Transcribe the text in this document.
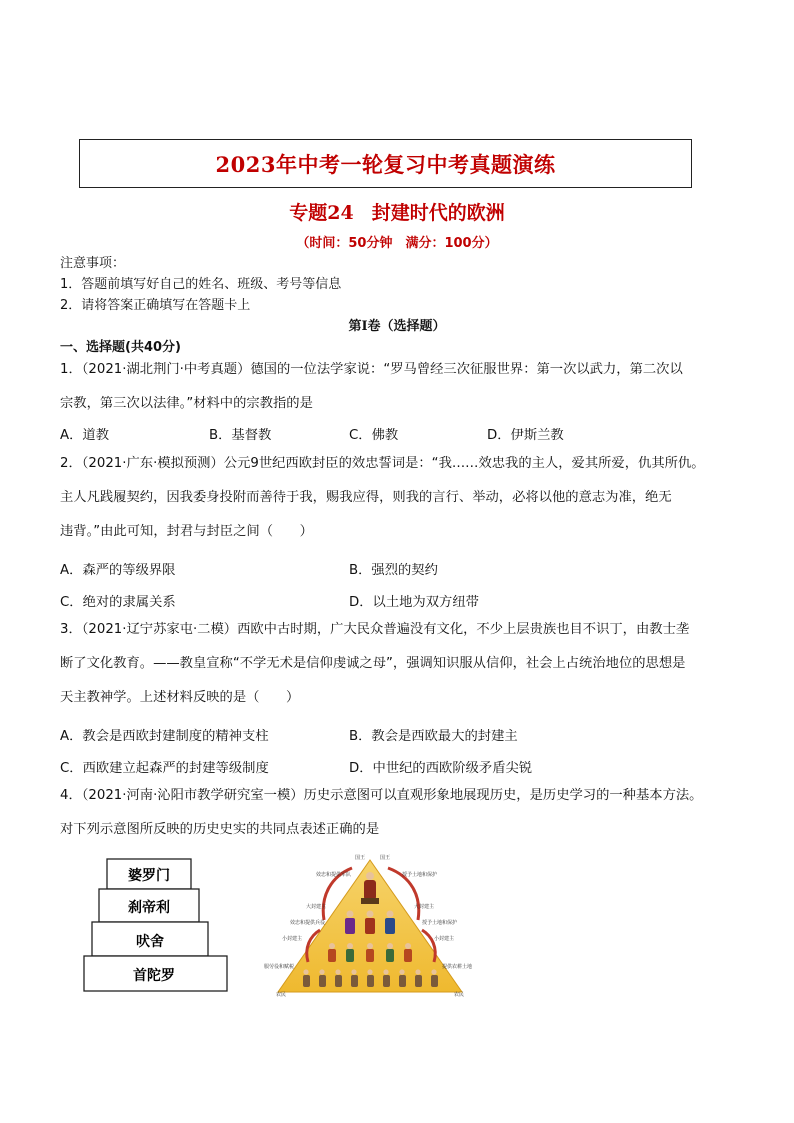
2023年中考一轮复习中考真题演练
专题24 封建时代的欧洲
（时间：50分钟　满分：100分）
注意事项：
1．答题前填写好自己的姓名、班级、考号等信息
2．请将答案正确填写在答题卡上
第I卷（选择题）
一、选择题(共40分)
1．（2021·湖北荆门·中考真题）德国的一位法学家说：“罗马曾经三次征服世界：第一次以武力，第二次以
宗教，第三次以法律。”材料中的宗教指的是
A．道教	B．基督教	C．佛教	D．伊斯兰教
2．（2021·广东·模拟预测）公元9世纪西欧封臣的效忠誓词是：“我……效忠我的主人，爱其所爱，仇其所仇。
主人凡践履契约，因我委身投附而善待于我，赐我应得，则我的言行、举动，必将以他的意志为准，绝无
违背。”由此可知，封君与封臣之间（　　）
A．森严的等级界限	B．强烈的契约
C．绝对的隶属关系	D．以土地为双方纽带
3．（2021·辽宁苏家屯·二模）西欧中古时期，广大民众普遍没有文化，不少上层贵族也目不识丁，由教士垄
断了文化教育。——教皇宣称“不学无术是信仰虔诚之母”，强调知识服从信仰，社会上占统治地位的思想是
天主教神学。上述材料反映的是（　　）
A．教会是西欧封建制度的精神支柱	B．教会是西欧最大的封建主
C．西欧建立起森严的封建等级制度	D．中世纪的西欧阶级矛盾尖锐
4．（2021·河南·沁阳市教学研究室一模）历史示意图可以直观形象地展现历史，是历史学习的一种基本方法。
对下列示意图所反映的历史史实的共同点表述正确的是
婆罗门
刹帝利
吠舍
首陀罗
国王	国王
效忠和提供军队	授予土地和保护
大封建主	大封建主
效忠和提供兵役	授予土地和保护
小封建主	小封建主
服劳役和赋税	提供农耕土地
农民	农民
